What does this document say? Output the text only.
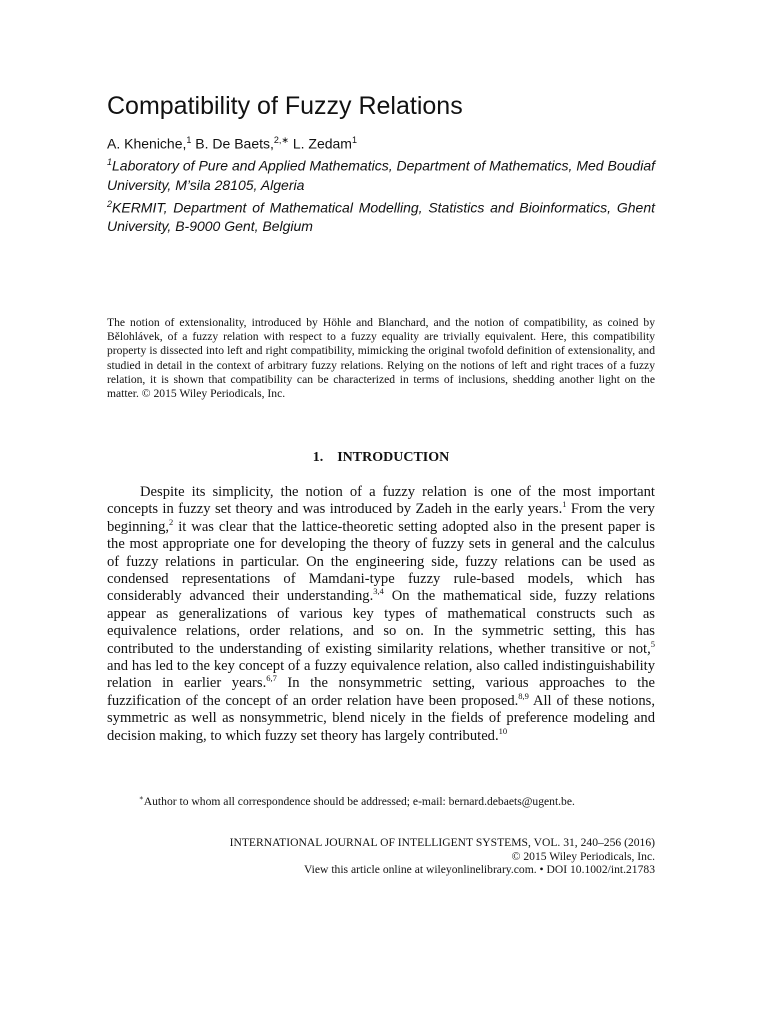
Compatibility of Fuzzy Relations
A. Kheniche,$^1$ B. De Baets,$^{2,∗}$ L. Zedam$^1$
$^1$Laboratory of Pure and Applied Mathematics, Department of Mathematics, Med Boudiaf University, M’sila 28105, Algeria
$^2$KERMIT, Department of Mathematical Modelling, Statistics and Bioinformatics, Ghent University, B-9000 Gent, Belgium

The notion of extensionality, introduced by Höhle and Blanchard, and the notion of compatibility, as coined by Bělohlávek, of a fuzzy relation with respect to a fuzzy equality are trivially equivalent. Here, this compatibility property is dissected into left and right compatibility, mimicking the original twofold definition of extensionality, and studied in detail in the context of arbitrary fuzzy relations. Relying on the notions of left and right traces of a fuzzy relation, it is shown that compatibility can be characterized in terms of inclusions, shedding another light on the matter. © 2015 Wiley Periodicals, Inc.

1. INTRODUCTION

Despite its simplicity, the notion of a fuzzy relation is one of the most important concepts in fuzzy set theory and was introduced by Zadeh in the early years.$^1$ From the very beginning,$^2$ it was clear that the lattice-theoretic setting adopted also in the present paper is the most appropriate one for developing the theory of fuzzy sets in general and the calculus of fuzzy relations in particular. On the engineering side, fuzzy relations can be used as condensed representations of Mamdani-type fuzzy rule-based models, which has considerably advanced their understanding.$^{3,4}$ On the mathematical side, fuzzy relations appear as generalizations of various key types of mathematical constructs such as equivalence relations, order relations, and so on. In the symmetric setting, this has contributed to the understanding of existing similarity relations, whether transitive or not,$^5$ and has led to the key concept of a fuzzy equivalence relation, also called indistinguishability relation in earlier years.$^{6,7}$ In the nonsymmetric setting, various approaches to the fuzzification of the concept of an order relation have been proposed.$^{8,9}$ All of these notions, symmetric as well as nonsymmetric, blend nicely in the fields of preference modeling and decision making, to which fuzzy set theory has largely contributed.$^{10}$

∗Author to whom all correspondence should be addressed; e-mail: bernard.debaets@ugent.be.

INTERNATIONAL JOURNAL OF INTELLIGENT SYSTEMS, VOL. 31, 240–256 (2016)
© 2015 Wiley Periodicals, Inc.
View this article online at wileyonlinelibrary.com. • DOI 10.1002/int.21783
